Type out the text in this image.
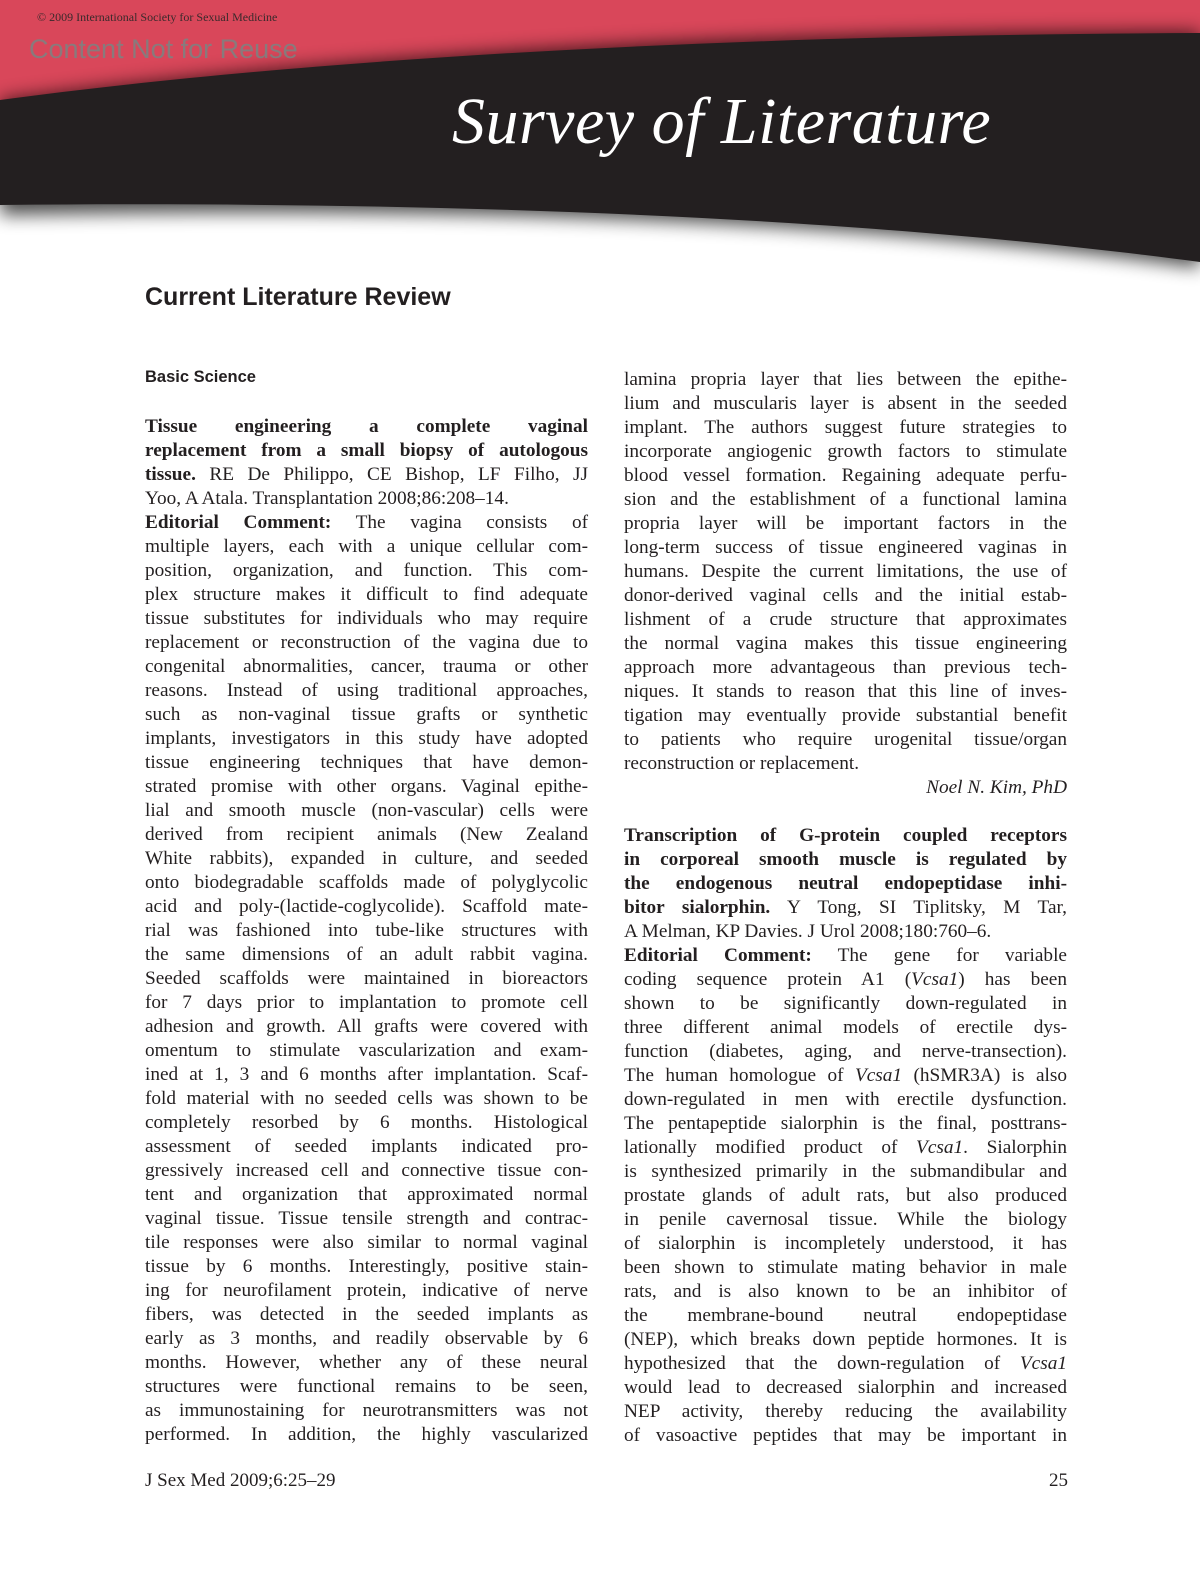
© 2009 International Society for Sexual Medicine
Content Not for Reuse
Survey of Literature
Current Literature Review
Basic Science
Tissue engineering a complete vaginal
replacement from a small biopsy of autologous
tissue. RE De Philippo, CE Bishop, LF Filho, JJ
Yoo, A Atala. Transplantation 2008;86:208–14.
Editorial Comment: The vagina consists of
multiple layers, each with a unique cellular com-
position, organization, and function. This com-
plex structure makes it difficult to find adequate
tissue substitutes for individuals who may require
replacement or reconstruction of the vagina due to
congenital abnormalities, cancer, trauma or other
reasons. Instead of using traditional approaches,
such as non-vaginal tissue grafts or synthetic
implants, investigators in this study have adopted
tissue engineering techniques that have demon-
strated promise with other organs. Vaginal epithe-
lial and smooth muscle (non-vascular) cells were
derived from recipient animals (New Zealand
White rabbits), expanded in culture, and seeded
onto biodegradable scaffolds made of polyglycolic
acid and poly-(lactide-coglycolide). Scaffold mate-
rial was fashioned into tube-like structures with
the same dimensions of an adult rabbit vagina.
Seeded scaffolds were maintained in bioreactors
for 7 days prior to implantation to promote cell
adhesion and growth. All grafts were covered with
omentum to stimulate vascularization and exam-
ined at 1, 3 and 6 months after implantation. Scaf-
fold material with no seeded cells was shown to be
completely resorbed by 6 months. Histological
assessment of seeded implants indicated pro-
gressively increased cell and connective tissue con-
tent and organization that approximated normal
vaginal tissue. Tissue tensile strength and contrac-
tile responses were also similar to normal vaginal
tissue by 6 months. Interestingly, positive stain-
ing for neurofilament protein, indicative of nerve
fibers, was detected in the seeded implants as
early as 3 months, and readily observable by 6
months. However, whether any of these neural
structures were functional remains to be seen,
as immunostaining for neurotransmitters was not
performed. In addition, the highly vascularized
lamina propria layer that lies between the epithe-
lium and muscularis layer is absent in the seeded
implant. The authors suggest future strategies to
incorporate angiogenic growth factors to stimulate
blood vessel formation. Regaining adequate perfu-
sion and the establishment of a functional lamina
propria layer will be important factors in the
long-term success of tissue engineered vaginas in
humans. Despite the current limitations, the use of
donor-derived vaginal cells and the initial estab-
lishment of a crude structure that approximates
the normal vagina makes this tissue engineering
approach more advantageous than previous tech-
niques. It stands to reason that this line of inves-
tigation may eventually provide substantial benefit
to patients who require urogenital tissue/organ
reconstruction or replacement.
Noel N. Kim, PhD
Transcription of G-protein coupled receptors
in corporeal smooth muscle is regulated by
the endogenous neutral endopeptidase inhi-
bitor sialorphin. Y Tong, SI Tiplitsky, M Tar,
A Melman, KP Davies. J Urol 2008;180:760–6.
Editorial Comment: The gene for variable
coding sequence protein A1 (Vcsa1) has been
shown to be significantly down-regulated in
three different animal models of erectile dys-
function (diabetes, aging, and nerve-transection).
The human homologue of Vcsa1 (hSMR3A) is also
down-regulated in men with erectile dysfunction.
The pentapeptide sialorphin is the final, posttrans-
lationally modified product of Vcsa1. Sialorphin
is synthesized primarily in the submandibular and
prostate glands of adult rats, but also produced
in penile cavernosal tissue. While the biology
of sialorphin is incompletely understood, it has
been shown to stimulate mating behavior in male
rats, and is also known to be an inhibitor of
the membrane-bound neutral endopeptidase
(NEP), which breaks down peptide hormones. It is
hypothesized that the down-regulation of Vcsa1
would lead to decreased sialorphin and increased
NEP activity, thereby reducing the availability
of vasoactive peptides that may be important in
J Sex Med 2009;6:25–29	25
